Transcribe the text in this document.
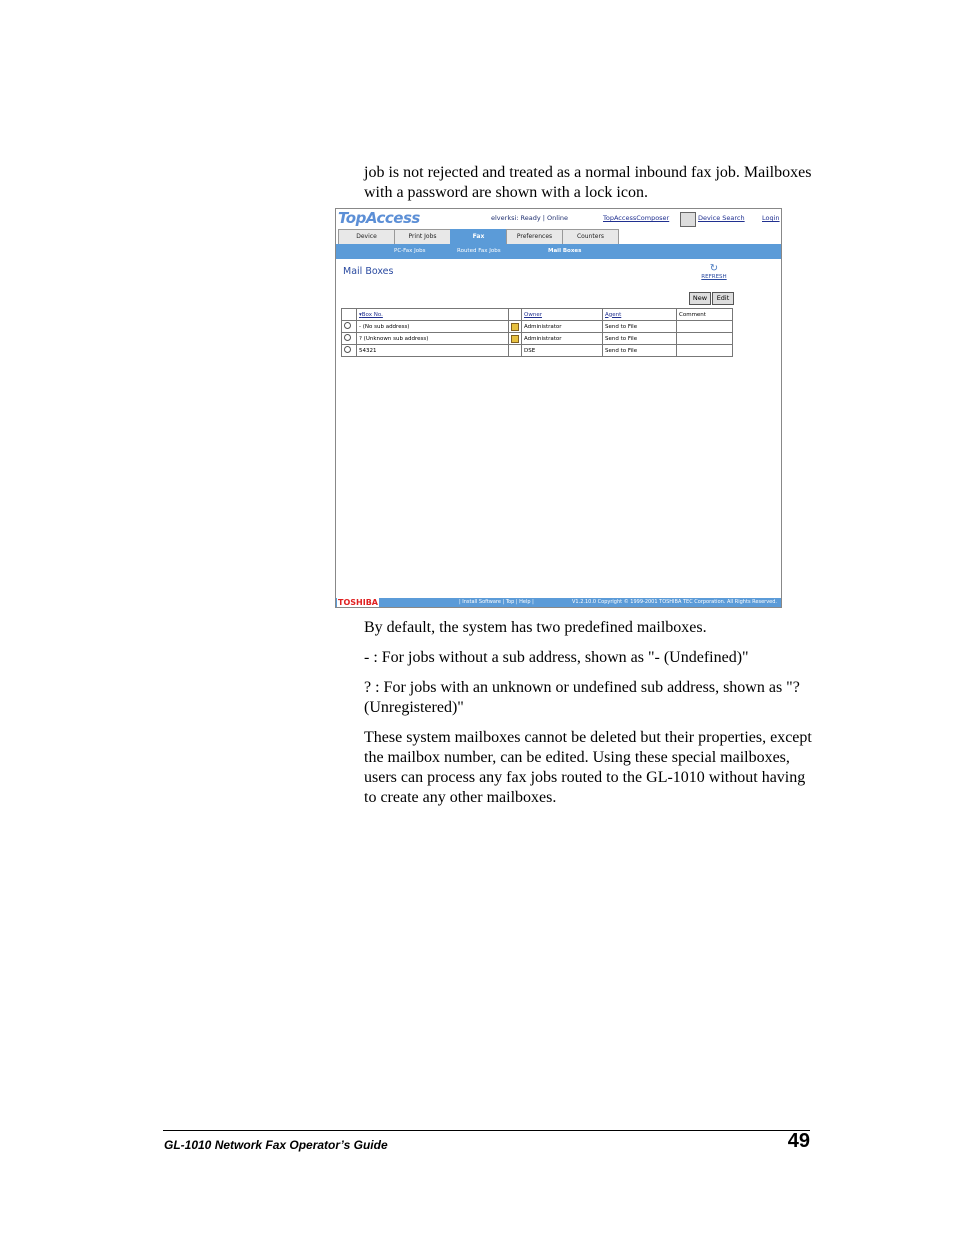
job is not rejected and treated as a normal inbound fax job. Mailboxes with a password are shown with a lock icon.
TopAccess	elverksi: Ready | Online	TopAccessComposer	Device Search	Login
Device	Print Jobs	Fax	Preferences	Counters
PC-Fax Jobs	Routed Fax Jobs	Mail Boxes
Mail Boxes	↻
REFRESH
New	Edit
	▾Box No.		Owner	Agent	Comment
	- (No sub address)		Administrator	Send to File	
	? (Unknown sub address)		Administrator	Send to File	
	54321		DSE	Send to File	
TOSHIBA	| Install Software | Top | Help |	V1.2.10.0 Copyright © 1999-2001 TOSHIBA TEC Corporation. All Rights Reserved.
By default, the system has two predefined mailboxes.
- : For jobs without a sub address, shown as "- (Undefined)"
? : For jobs with an unknown or undefined sub address, shown as "? (Unregistered)"
These system mailboxes cannot be deleted but their properties, except the mailbox number, can be edited. Using these special mailboxes, users can process any fax jobs routed to the GL-1010 without having to create any other mailboxes.
GL-1010 Network Fax Operator’s Guide	49
